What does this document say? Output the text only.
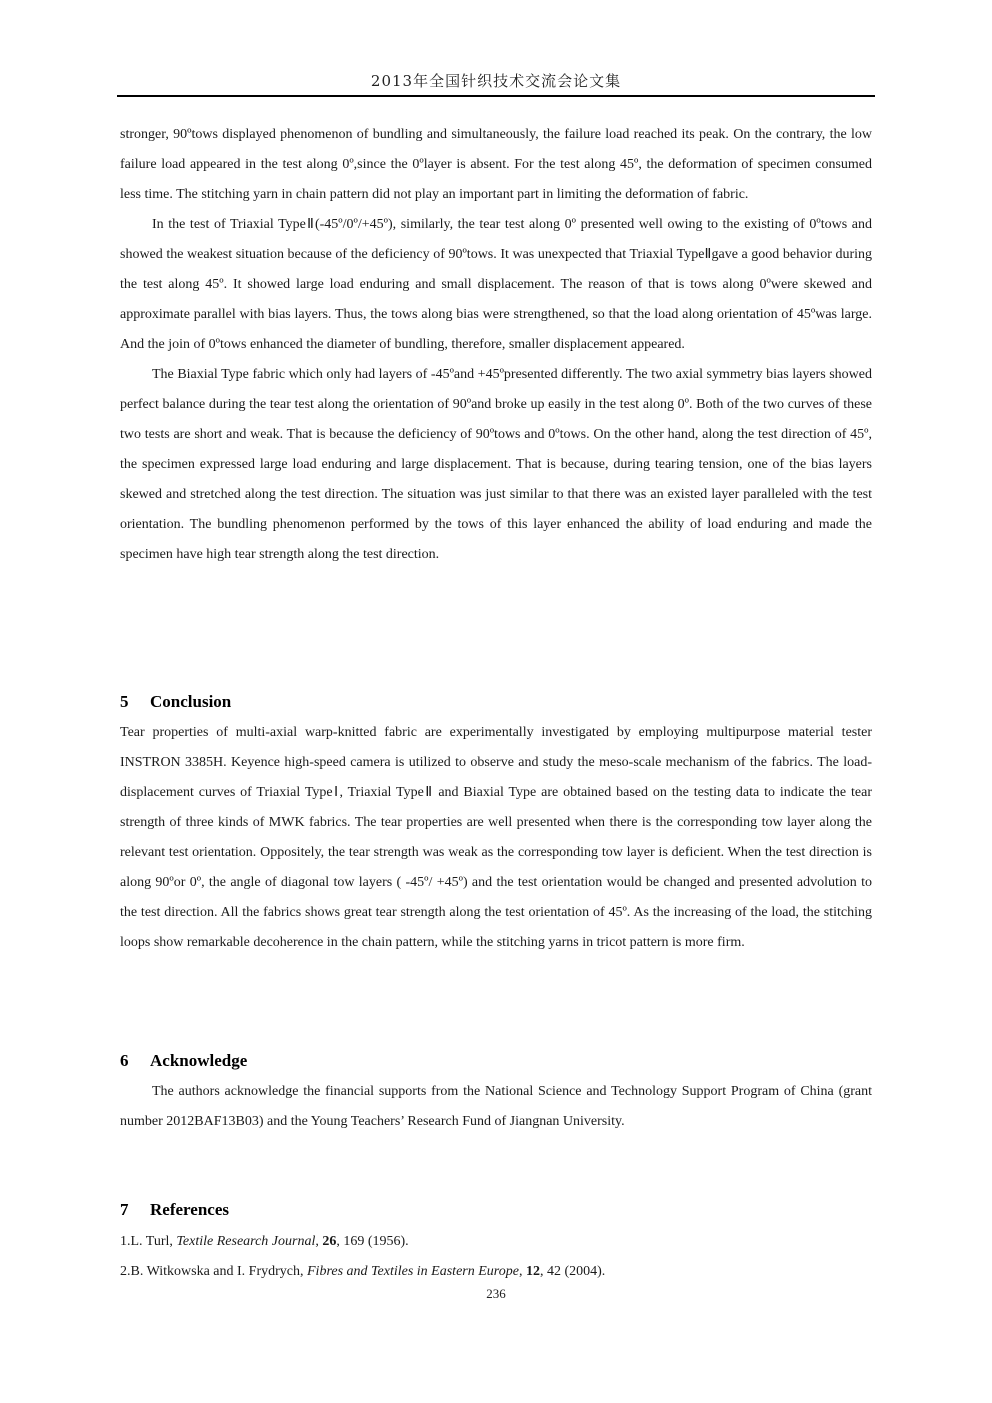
2013年全国针织技术交流会论文集

stronger, 90ºtows displayed phenomenon of bundling and simultaneously, the failure load reached its peak. On the contrary, the low failure load appeared in the test along 0º,since the 0ºlayer is absent. For the test along 45º, the deformation of specimen consumed less time. The stitching yarn in chain pattern did not play an important part in limiting the deformation of fabric.

In the test of Triaxial TypeⅡ(-45º/0º/+45º), similarly, the tear test along 0º presented well owing to the existing of 0ºtows and showed the weakest situation because of the deficiency of 90ºtows. It was unexpected that Triaxial TypeⅡgave a good behavior during the test along 45º. It showed large load enduring and small displacement. The reason of that is tows along 0ºwere skewed and approximate parallel with bias layers. Thus, the tows along bias were strengthened, so that the load along orientation of 45ºwas large. And the join of 0ºtows enhanced the diameter of bundling, therefore, smaller displacement appeared.

The Biaxial Type fabric which only had layers of -45ºand +45ºpresented differently. The two axial symmetry bias layers showed perfect balance during the tear test along the orientation of 90ºand broke up easily in the test along 0º. Both of the two curves of these two tests are short and weak. That is because the deficiency of 90ºtows and 0ºtows. On the other hand, along the test direction of 45º, the specimen expressed large load enduring and large displacement. That is because, during tearing tension, one of the bias layers skewed and stretched along the test direction. The situation was just similar to that there was an existed layer paralleled with the test orientation. The bundling phenomenon performed by the tows of this layer enhanced the ability of load enduring and made the specimen have high tear strength along the test direction.

5 Conclusion

Tear properties of multi-axial warp-knitted fabric are experimentally investigated by employing multipurpose material tester INSTRON 3385H. Keyence high-speed camera is utilized to observe and study the meso-scale mechanism of the fabrics. The load-displacement curves of Triaxial TypeⅠ, Triaxial TypeⅡ and Biaxial Type are obtained based on the testing data to indicate the tear strength of three kinds of MWK fabrics. The tear properties are well presented when there is the corresponding tow layer along the relevant test orientation. Oppositely, the tear strength was weak as the corresponding tow layer is deficient. When the test direction is along 90ºor 0º, the angle of diagonal tow layers ( -45º/ +45º) and the test orientation would be changed and presented advolution to the test direction. All the fabrics shows great tear strength along the test orientation of 45º. As the increasing of the load, the stitching loops show remarkable decoherence in the chain pattern, while the stitching yarns in tricot pattern is more firm.

6 Acknowledge

The authors acknowledge the financial supports from the National Science and Technology Support Program of China (grant number 2012BAF13B03) and the Young Teachers’ Research Fund of Jiangnan University.

7 References

1.L. Turl, Textile Research Journal, 26, 169 (1956).

2.B. Witkowska and I. Frydrych, Fibres and Textiles in Eastern Europe, 12, 42 (2004).

236
